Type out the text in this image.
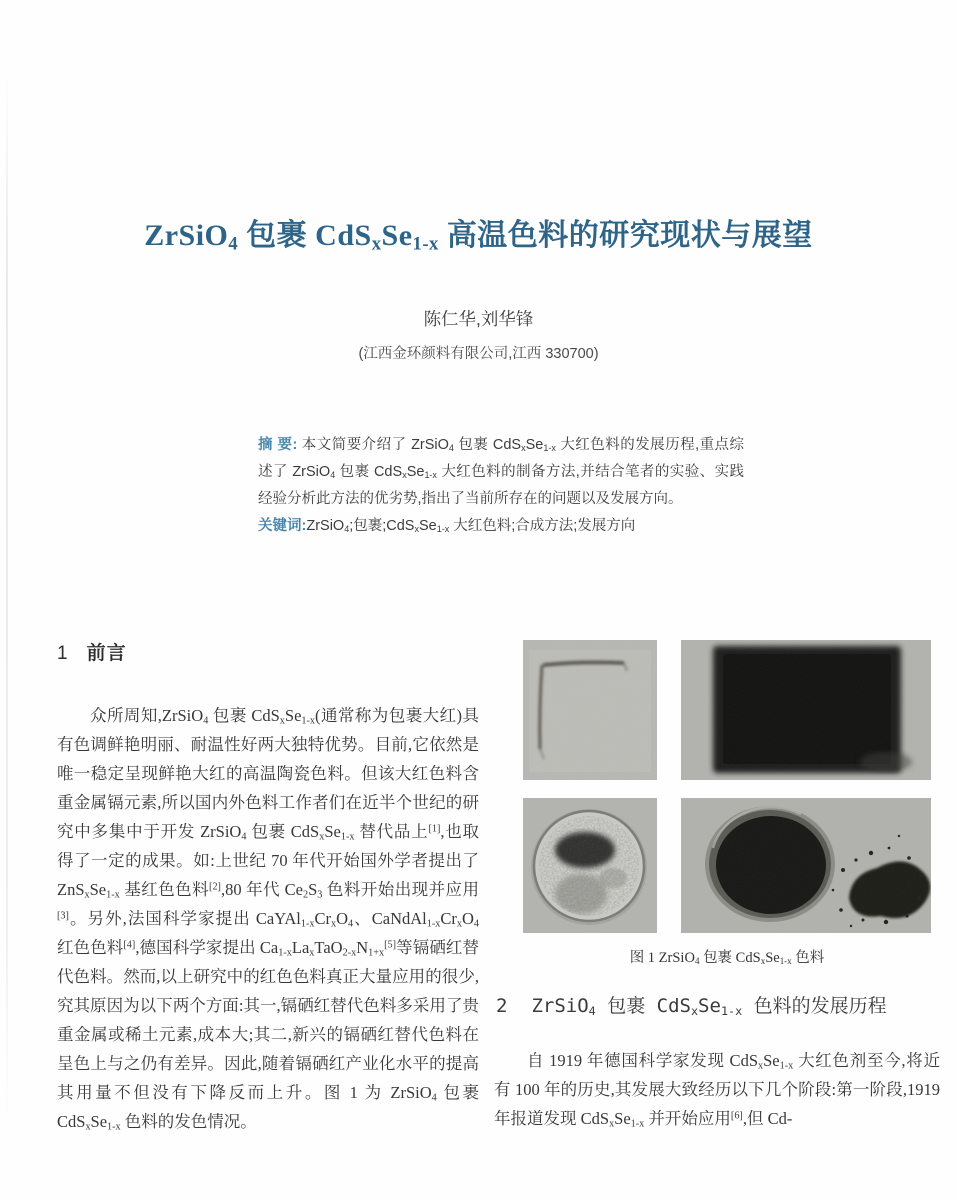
ZrSiO$_4$ 包裹 $CdS_xSe_{1-x}$ 高温色料的研究现状与展望
陈仁华,刘华锋
(江西金环颜料有限公司,江西 330700)

摘 要: 本文简要介绍了 ZrSiO$_4$ 包裹 $CdS_xSe_{1-x}$ 大红色料的发展历程,重点综述了 ZrSiO$_4$ 包裹 $CdS_xSe_{1-x}$ 大红色料的制备方法,并结合笔者的实验、实践经验分析此方法的优劣势,指出了当前所存在的问题以及发展方向。

关键词:ZrSiO$_4$;包裹$;CdS_xSe_{1-x}$ 大红色料;合成方法;发展方向

1 前言

众所周知,ZrSiO$_4$ 包裹 $CdS_xSe_{1-x}$(通常称为包裹大红)具有色调鲜艳明丽、耐温性好两大独特优势。目前,它依然是唯一稳定呈现鲜艳大红的高温陶瓷色料。但该大红色料含重金属镉元素,所以国内外色料工作者们在近半个世纪的研究中多集中于开发 ZrSiO$_4$ 包裹 $CdS_xSe_{1-x}$ 替代品上[1],也取得了一定的成果。如:上世纪 70 年代开始国外学者提出了 $ZnS_xSe_{1-x}$ 基红色色料[2],80 年代 $Ce_2S_3$ 色料开始出现并应用[3]。另外,法国科学家提出 $CaYAl_{1-x}Cr_xO_4$、$CaNdAl_{1-x}Cr_xO_4$ 红色色料[4],德国科学家提出 $Ca_{1-x}La_xTaO_{2-x}N_{1+x}[5]$等镉硒红替代色料。然而,以上研究中的红色色料真正大量应用的很少,究其原因为以下两个方面:其一,镉硒红替代色料多采用了贵重金属或稀土元素,成本大;其二,新兴的镉硒红替代色料在呈色上与之仍有差异。因此,随着镉硒红产业化水平的提高其用量不但没有下降反而上升。图 1 为 ZrSiO$_4$ 包裹 $CdS_xSe_{1-x}$ 色料的发色情况。

图 1 ZrSiO$_4$ 包裹 $CdS_xSe_{1-x}$ 色料
2 ZrSiO$_4$ 包裹 $CdS_xSe_{1-x}$ 色料的发展历程

自 1919 年德国科学家发现 $CdS_xSe_{1-x}$ 大红色剂至今,将近有 100 年的历史,其发展大致经历以下几个阶段:第一阶段,1919 年报道发现 $CdS_xSe_{1-x}$ 并开始应用[6],但 Cd-
